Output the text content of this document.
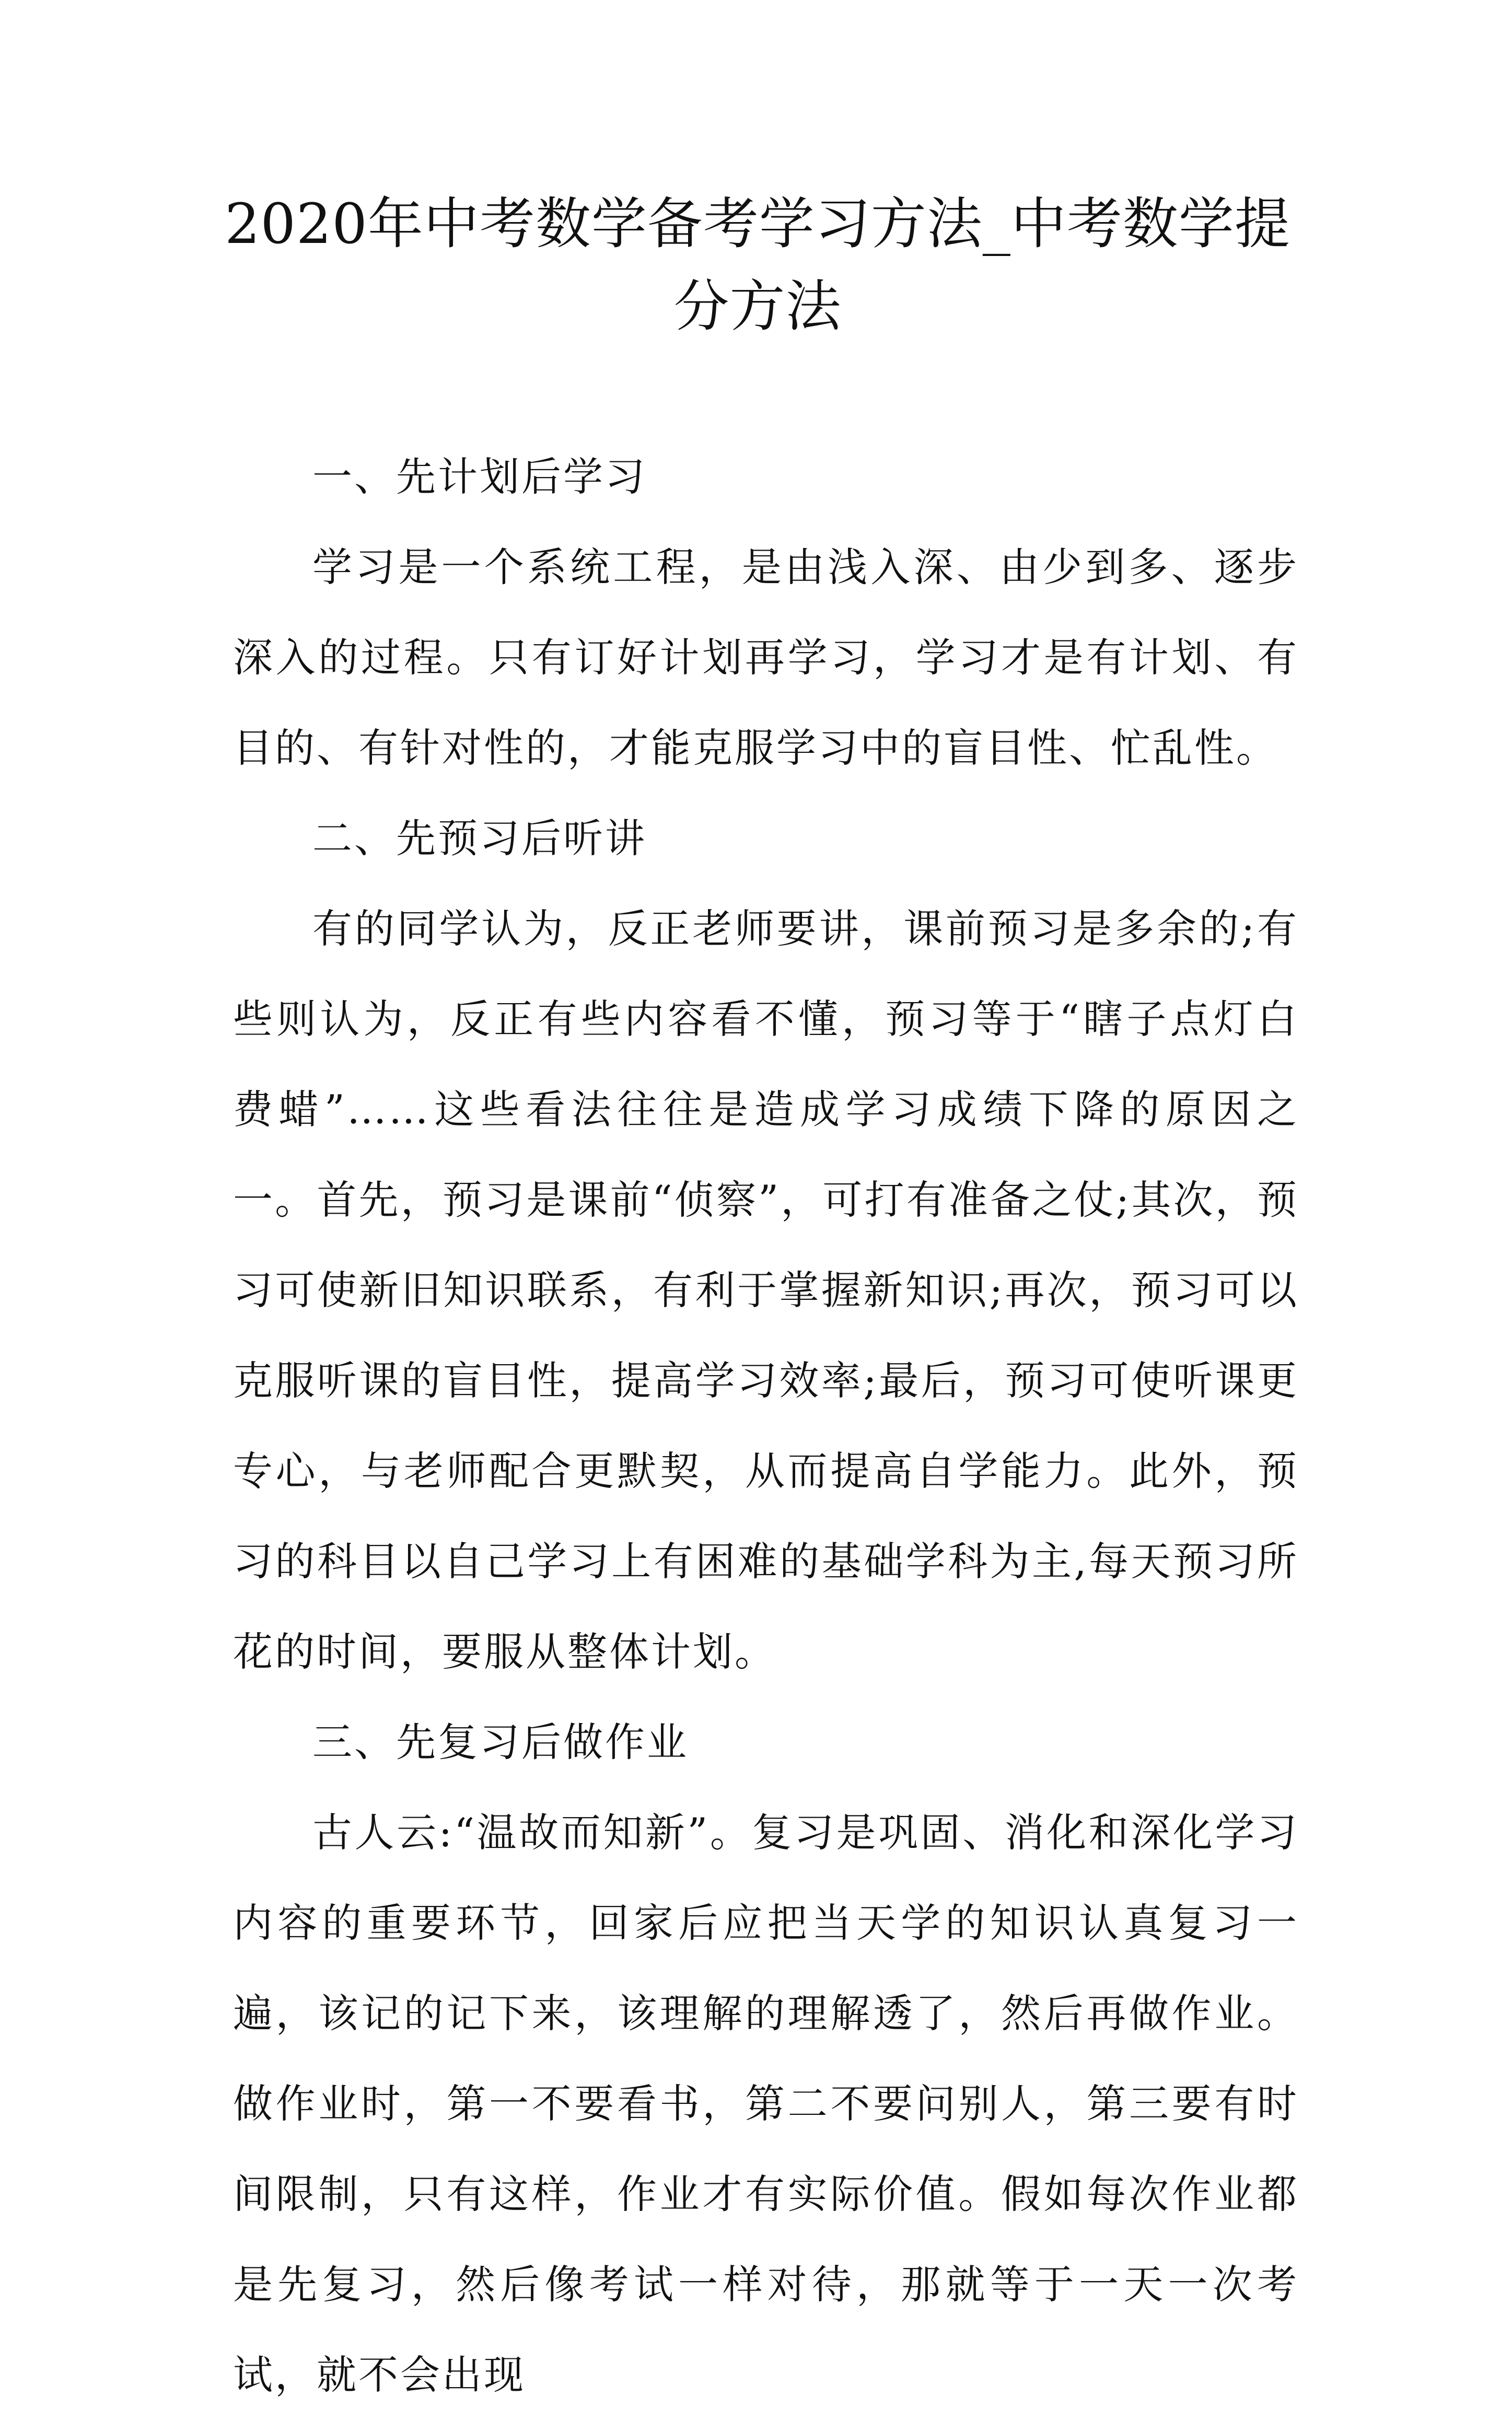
2020年中考数学备考学习方法_中考数学提分方法
一、先计划后学习

学习是一个系统工程，是由浅入深、由少到多、逐步深入的过程。只有订好计划再学习，学习才是有计划、有目的、有针对性的，才能克服学习中的盲目性、忙乱性。

二、先预习后听讲

有的同学认为，反正老师要讲，课前预习是多余的;有些则认为，反正有些内容看不懂，预习等于“瞎子点灯白费蜡”……这些看法往往是造成学习成绩下降的原因之一。首先，预习是课前“侦察”，可打有准备之仗;其次，预习可使新旧知识联系，有利于掌握新知识;再次，预习可以克服听课的盲目性，提高学习效率;最后，预习可使听课更专心，与老师配合更默契，从而提高自学能力。此外，预习的科目以自己学习上有困难的基础学科为主,每天预习所花的时间，要服从整体计划。

三、先复习后做作业

古人云:“温故而知新”。复习是巩固、消化和深化学习内容的重要环节，回家后应把当天学的知识认真复习一遍，该记的记下来，该理解的理解透了，然后再做作业。做作业时，第一不要看书，第二不要问别人，第三要有时间限制，只有这样，作业才有实际价值。假如每次作业都是先复习，然后像考试一样对待，那就等于一天一次考试，就不会出现
